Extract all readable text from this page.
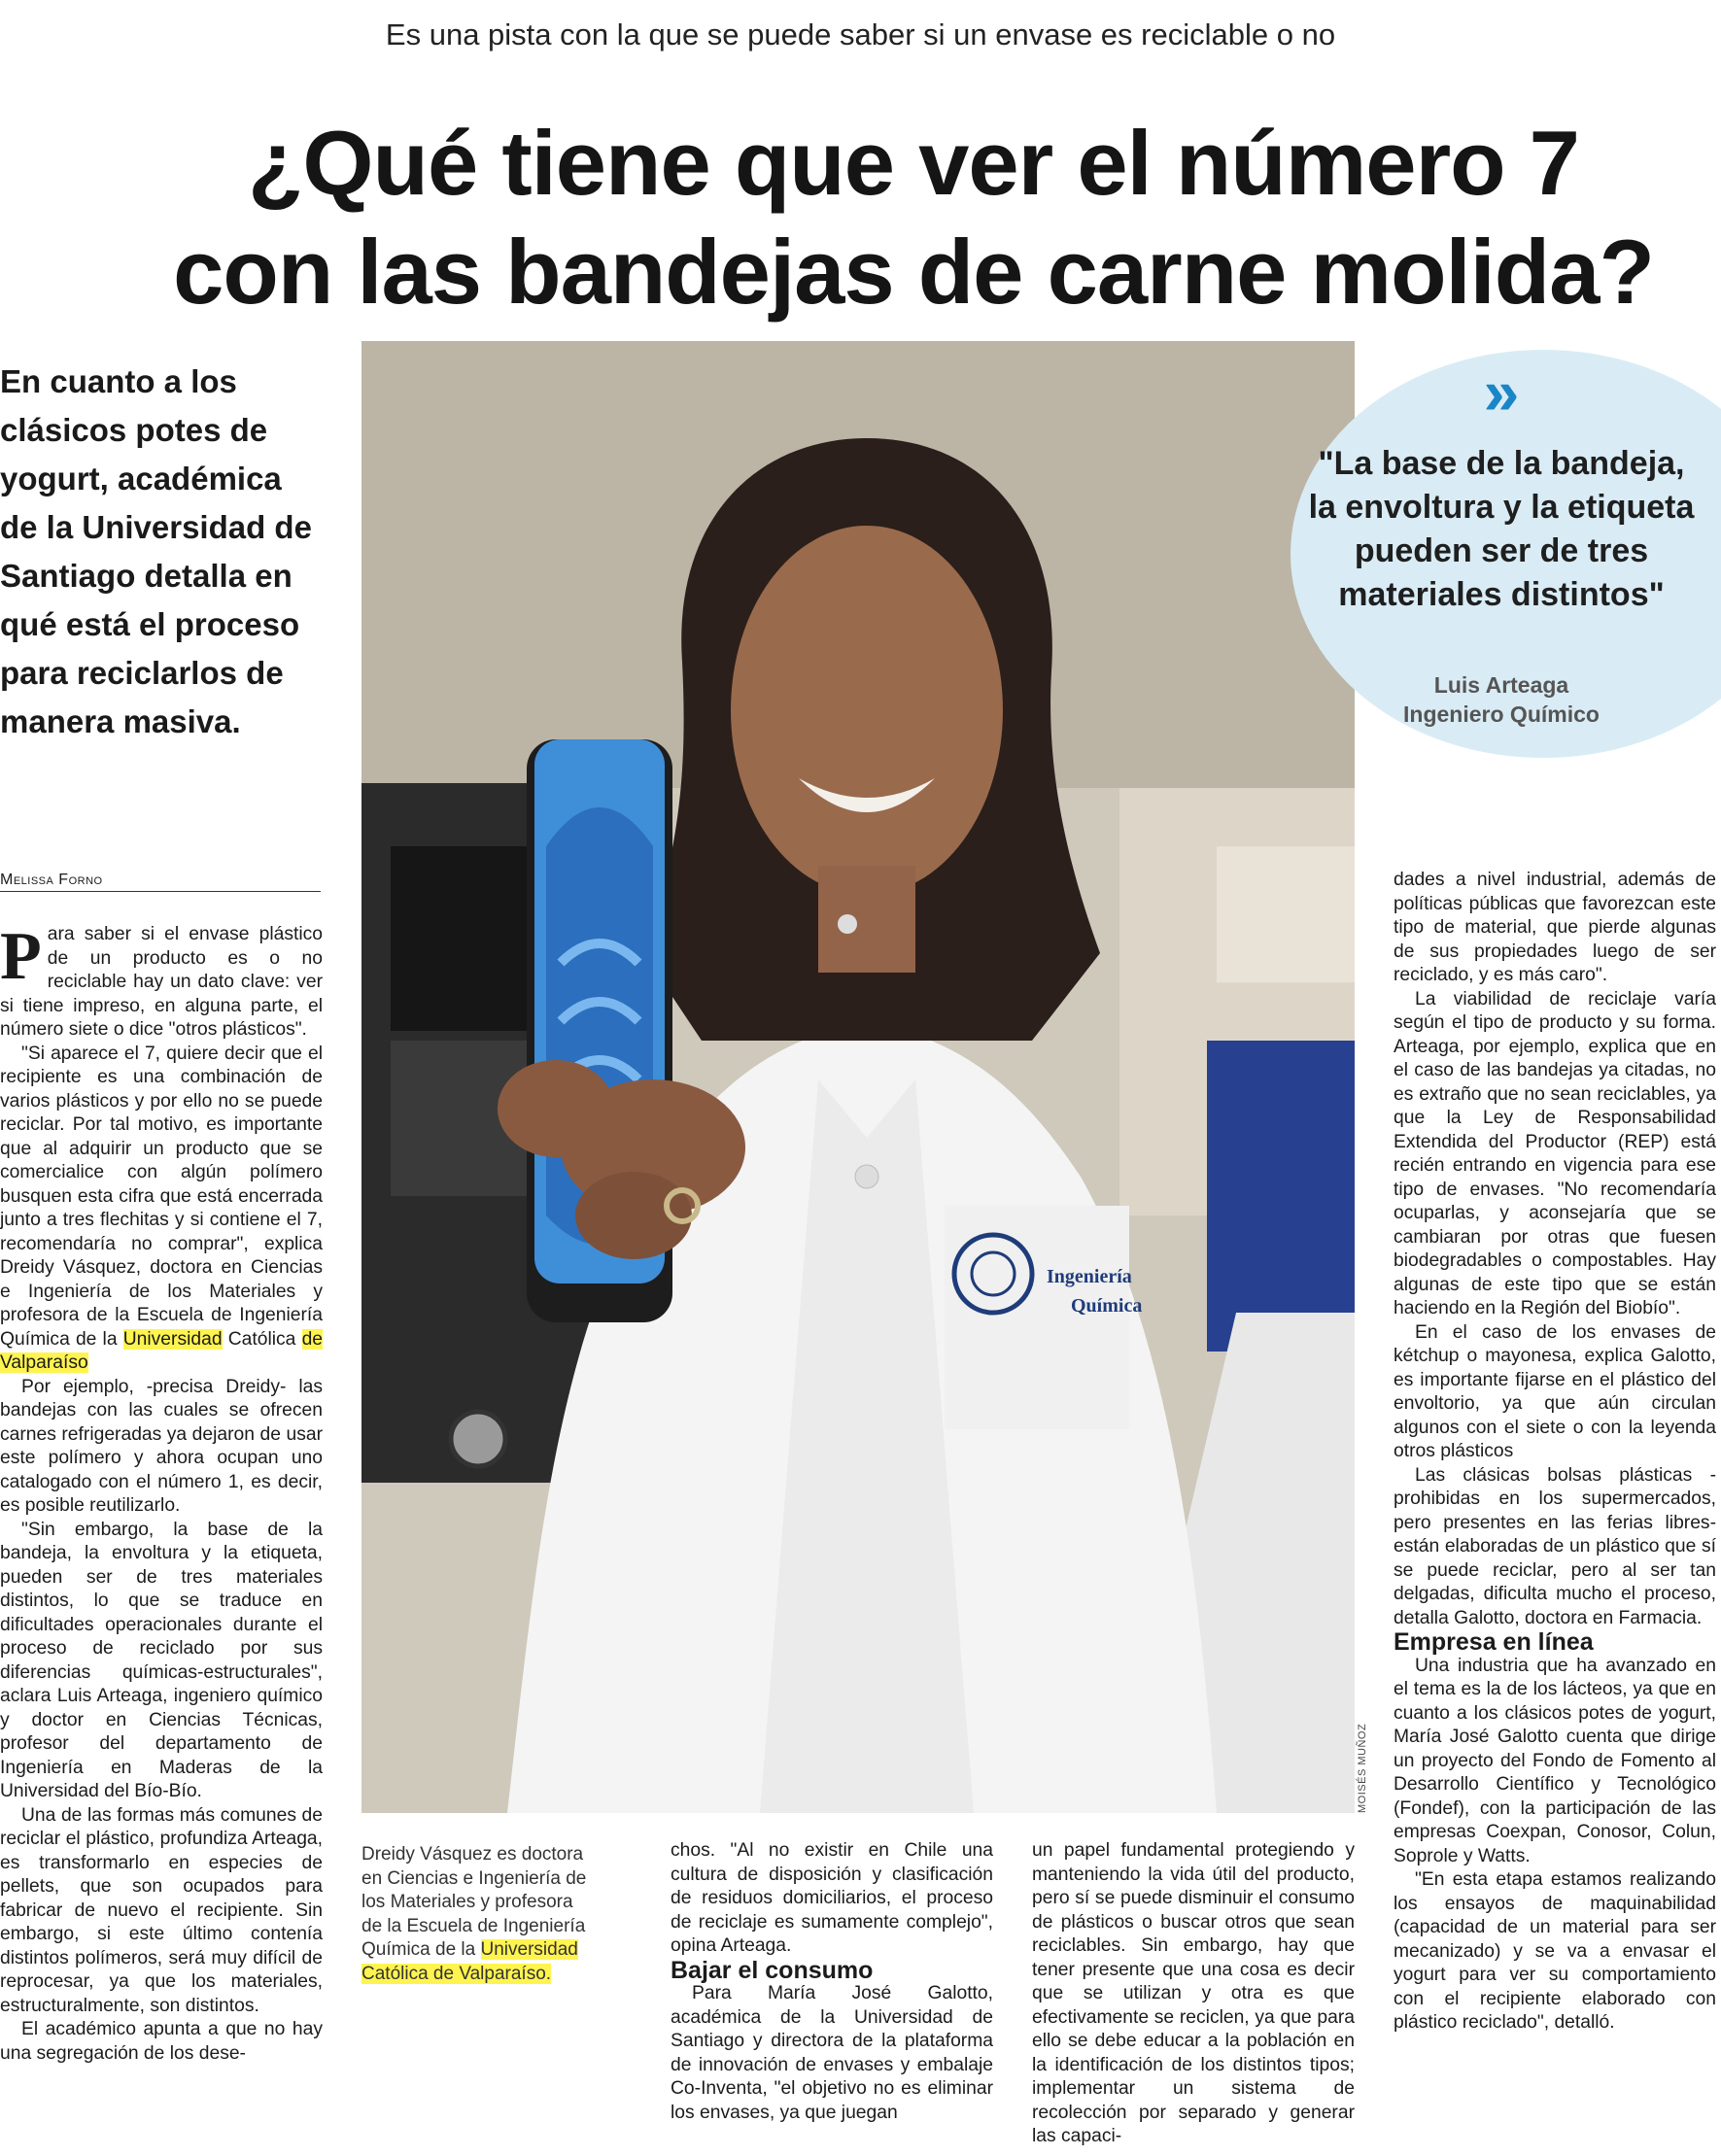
Es una pista con la que se puede saber si un envase es reciclable o no
¿Qué tiene que ver el número 7
con las bandejas de carne molida?
En cuanto a los clásicos potes de yogurt, académica de la Universidad de Santiago detalla en qué está el proceso para reciclarlos de manera masiva.
Melissa Forno

Para saber si el envase plástico de un producto es o no reciclable hay un dato clave: ver si tiene impreso, en alguna parte, el número siete o dice "otros plásticos".

"Si aparece el 7, quiere decir que el recipiente es una combinación de varios plásticos y por ello no se puede reciclar. Por tal motivo, es importante que al adquirir un producto que se comercialice con algún polímero busquen esta cifra que está encerrada junto a tres flechitas y si contiene el 7, recomendaría no comprar", explica Dreidy Vásquez, doctora en Ciencias e Ingeniería de los Materiales y profesora de la Escuela de Ingeniería Química de la Universidad Católica de Valparaíso

Por ejemplo, -precisa Dreidy- las bandejas con las cuales se ofrecen carnes refrigeradas ya dejaron de usar este polímero y ahora ocupan uno catalogado con el número 1, es decir, es posible reutilizarlo.

"Sin embargo, la base de la bandeja, la envoltura y la etiqueta, pueden ser de tres materiales distintos, lo que se traduce en dificultades operacionales durante el proceso de reciclado por sus diferencias químicas-estructurales", aclara Luis Arteaga, ingeniero químico y doctor en Ciencias Técnicas, profesor del departamento de Ingeniería en Maderas de la Universidad del Bío-Bío.

Una de las formas más comunes de reciclar el plástico, profundiza Arteaga, es transformarlo en especies de pellets, que son ocupados para fabricar de nuevo el recipiente. Sin embargo, si este último contenía distintos polímeros, será muy difícil de reprocesar, ya que los materiales, estructuralmente, son distintos.

El académico apunta a que no hay una segregación de los dese-

Ingeniería
Química
MOISÉS MUÑOZ
»
"La base de la bandeja, la envoltura y la etiqueta pueden ser de tres materiales distintos"
Luis Arteaga
Ingeniero Químico
Dreidy Vásquez es doctora en Ciencias e Ingeniería de los Materiales y profesora de la Escuela de Ingeniería Química de la Universidad Católica de Valparaíso.

chos. "Al no existir en Chile una cultura de disposición y clasificación de residuos domiciliarios, el proceso de reciclaje es sumamente complejo", opina Arteaga.

Bajar el consumo

Para María José Galotto, académica de la Universidad de Santiago y directora de la plataforma de innovación de envases y embalaje Co-Inventa, "el objetivo no es eliminar los envases, ya que juegan

un papel fundamental protegiendo y manteniendo la vida útil del producto, pero sí se puede disminuir el consumo de plásticos o buscar otros que sean reciclables. Sin embargo, hay que tener presente que una cosa es decir que se utilizan y otra es que efectivamente se reciclen, ya que para ello se debe educar a la población en la identificación de los distintos tipos; implementar un sistema de recolección por separado y generar las capaci-

dades a nivel industrial, además de políticas públicas que favorezcan este tipo de material, que pierde algunas de sus propiedades luego de ser reciclado, y es más caro".

La viabilidad de reciclaje varía según el tipo de producto y su forma. Arteaga, por ejemplo, explica que en el caso de las bandejas ya citadas, no es extraño que no sean reciclables, ya que la Ley de Responsabilidad Extendida del Productor (REP) está recién entrando en vigencia para ese tipo de envases. "No recomendaría ocuparlas, y aconsejaría que se cambiaran por otras que fuesen biodegradables o compostables. Hay algunas de este tipo que se están haciendo en la Región del Biobío".

En el caso de los envases de kétchup o mayonesa, explica Galotto, es importante fijarse en el plástico del envoltorio, ya que aún circulan algunos con el siete o con la leyenda otros plásticos

Las clásicas bolsas plásticas -prohibidas en los supermercados, pero presentes en las ferias libres- están elaboradas de un plástico que sí se puede reciclar, pero al ser tan delgadas, dificulta mucho el proceso, detalla Galotto, doctora en Farmacia.

Empresa en línea

Una industria que ha avanzado en el tema es la de los lácteos, ya que en cuanto a los clásicos potes de yogurt, María José Galotto cuenta que dirige un proyecto del Fondo de Fomento al Desarrollo Científico y Tecnológico (Fondef), con la participación de las empresas Coexpan, Conosor, Colun, Soprole y Watts.

"En esta etapa estamos realizando los ensayos de maquinabilidad (capacidad de un material para ser mecanizado) y se va a envasar el yogurt para ver su comportamiento con el recipiente elaborado con plástico reciclado", detalló.
